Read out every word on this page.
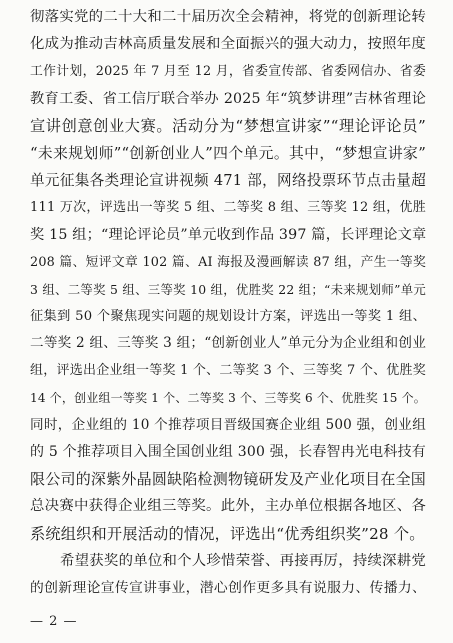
彻落实党的二十大和二十届历次全会精神，将党的创新理论转
化成为推动吉林高质量发展和全面振兴的强大动力，按照年度
工作计划，2025 年 7 月至 12 月，省委宣传部、省委网信办、省委
教育工委、省工信厅联合举办 2025 年“筑梦讲理”吉林省理论
宣讲创意创业大赛。活动分为“梦想宣讲家”“理论评论员”
“未来规划师”“创新创业人”四个单元。其中，“梦想宣讲家”
单元征集各类理论宣讲视频 471 部，网络投票环节点击量超
111 万次，评选出一等奖 5 组、二等奖 8 组、三等奖 12 组，优胜
奖 15 组；“理论评论员”单元收到作品 397 篇，长评理论文章
208 篇、短评文章 102 篇、AI 海报及漫画解读 87 组，产生一等奖
3 组、二等奖 5 组、三等奖 10 组，优胜奖 22 组；“未来规划师”单元
征集到 50 个聚焦现实问题的规划设计方案，评选出一等奖 1 组、
二等奖 2 组、三等奖 3 组；“创新创业人”单元分为企业组和创业
组，评选出企业组一等奖 1 个、二等奖 3 个、三等奖 7 个、优胜奖
14 个，创业组一等奖 1 个、二等奖 3 个、三等奖 6 个、优胜奖 15 个。
同时，企业组的 10 个推荐项目晋级国赛企业组 500 强，创业组
的 5 个推荐项目入围全国创业组 300 强，长春智冉光电科技有
限公司的深紫外晶圆缺陷检测物镜研发及产业化项目在全国
总决赛中获得企业组三等奖。此外，主办单位根据各地区、各
系统组织和开展活动的情况，评选出“优秀组织奖”28 个。
希望获奖的单位和个人珍惜荣誉、再接再厉，持续深耕党
的创新理论宣传宣讲事业，潜心创作更多具有说服力、传播力、
— 2 —
